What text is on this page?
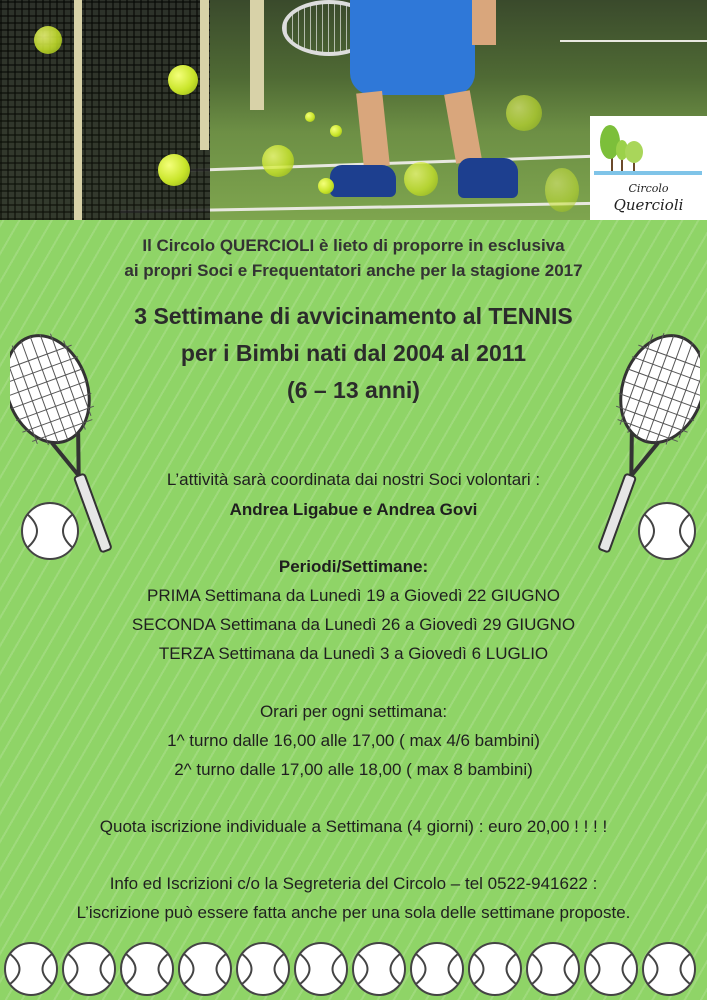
Circolo
Quercioli
Il Circolo QUERCIOLI è lieto di proporre in esclusiva
ai propri Soci e Frequentatori anche per la stagione 2017
3 Settimane di avvicinamento al TENNIS
per i Bimbi nati dal 2004 al 2011
(6 – 13 anni)
L’attività sarà coordinata dai nostri Soci volontari :
Andrea Ligabue e Andrea Govi
Periodi/Settimane:
PRIMA Settimana da Lunedì 19 a Giovedì 22 GIUGNO
SECONDA Settimana da Lunedì 26 a Giovedì 29 GIUGNO
TERZA Settimana da Lunedì 3 a Giovedì 6 LUGLIO
Orari per ogni settimana:
1^ turno dalle 16,00 alle 17,00 ( max 4/6 bambini)
2^ turno dalle 17,00 alle 18,00 ( max 8 bambini)
Quota iscrizione individuale a Settimana (4 giorni) : euro 20,00 ! ! ! !
Info ed Iscrizioni c/o la Segreteria del Circolo – tel 0522-941622 :
L’iscrizione può essere fatta anche per una sola delle settimane proposte.
